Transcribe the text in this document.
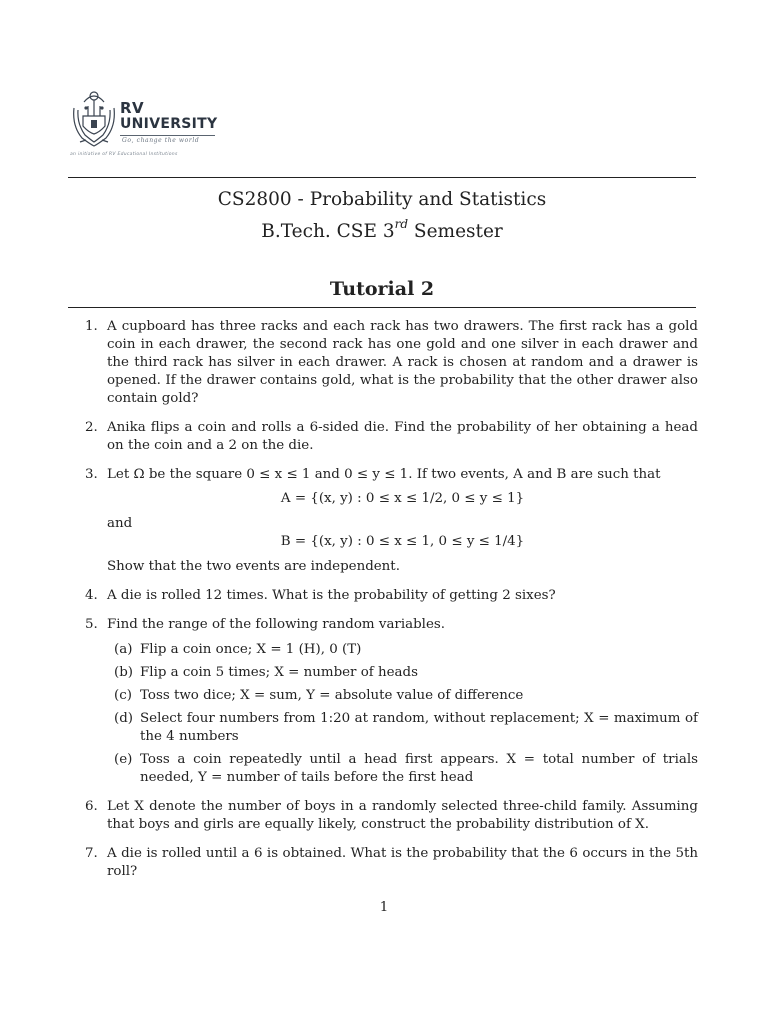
RV
UNIVERSITY
Go, change the world
an initiative of RV Educational Institutions
CS2800 - Probability and Statistics
B.Tech. CSE 3rd Semester
Tutorial 2
1. A cupboard has three racks and each rack has two drawers. The first rack has a gold coin in each drawer, the second rack has one gold and one silver in each drawer and the third rack has silver in each drawer. A rack is chosen at random and a drawer is opened. If the drawer contains gold, what is the probability that the other drawer also contain gold?
2. Anika flips a coin and rolls a 6-sided die. Find the probability of her obtaining a head on the coin and a 2 on the die.
3. Let Ω be the square 0 ≤ x ≤ 1 and 0 ≤ y ≤ 1. If two events, A and B are such that
A = {(x, y) : 0 ≤ x ≤ 1/2, 0 ≤ y ≤ 1}
and
B = {(x, y) : 0 ≤ x ≤ 1, 0 ≤ y ≤ 1/4}
Show that the two events are independent.
4. A die is rolled 12 times. What is the probability of getting 2 sixes?
5. Find the range of the following random variables.
(a) Flip a coin once; X = 1 (H), 0 (T)
(b) Flip a coin 5 times; X = number of heads
(c) Toss two dice; X = sum, Y = absolute value of difference
(d) Select four numbers from 1:20 at random, without replacement; X = maximum of the 4 numbers
(e) Toss a coin repeatedly until a head first appears. X = total number of trials needed, Y = number of tails before the first head
6. Let X denote the number of boys in a randomly selected three-child family. Assuming that boys and girls are equally likely, construct the probability distribution of X.
7. A die is rolled until a 6 is obtained. What is the probability that the 6 occurs in the 5th roll?
1
